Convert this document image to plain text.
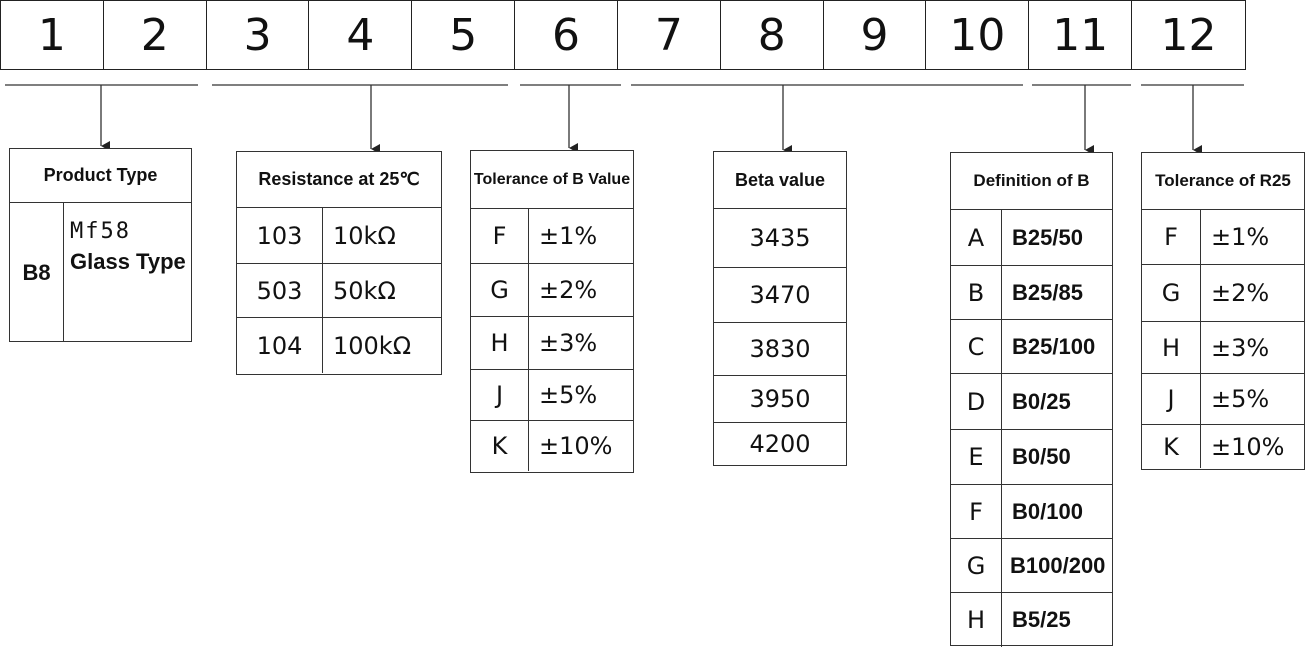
1	2	3	4	5	6	7	8	9	10	11	12
Product Type
B8
Mf58
Glass Type
Resistance at 25℃
103	10kΩ
503	50kΩ
104	100kΩ
Tolerance of B Value
F	±1%
G	±2%
H	±3%
J	±5%
K	±10%
Beta value
3435
3470
3830
3950
4200
Definition of B
A	B25/50
B	B25/85
C	B25/100
D	B0/25
E	B0/50
F	B0/100
G	B100/200
H	B5/25
Tolerance of R25
F	±1%
G	±2%
H	±3%
J	±5%
K	±10%
